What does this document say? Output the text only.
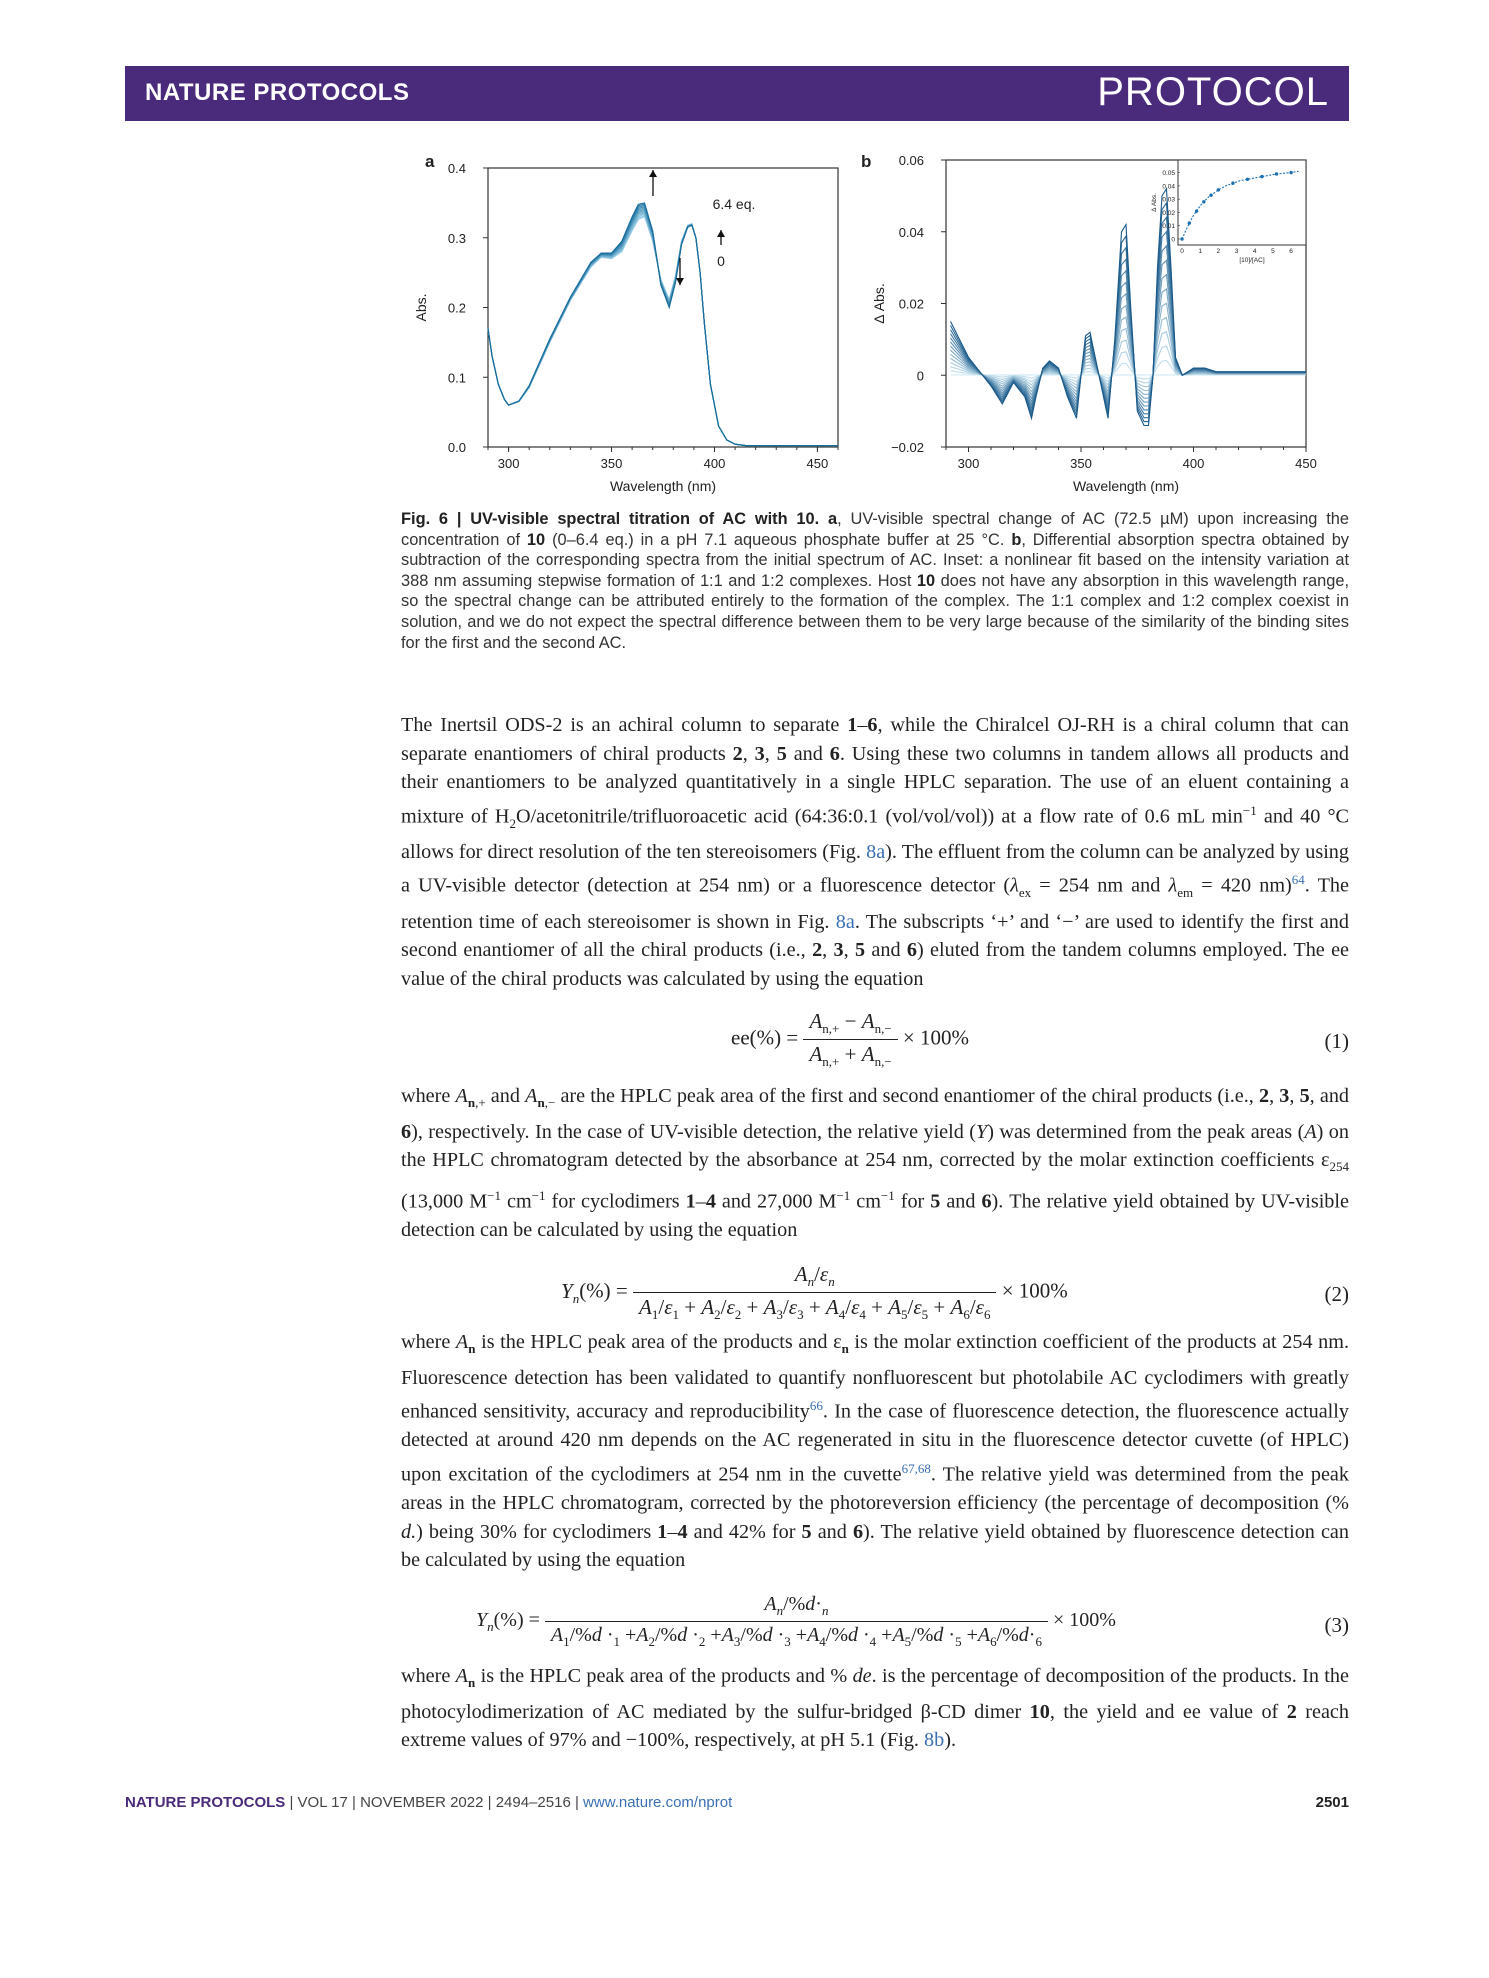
NATURE PROTOCOLS	PROTOCOL
a	b
300	350	400	450
0.0
0.1
0.2
0.3
0.4
Wavelength (nm)
Abs.
6.4 eq.
0
300	350	400	450
−0.02
0
0.02
0.04
0.06
Wavelength (nm)
Δ Abs.
0
0.01
0.02
0.03
0.04
0.05
0 1 2 3 4 5 6
[10]/[AC]
Δ Abs.
Fig. 6 | UV-visible spectral titration of AC with 10. a, UV-visible spectral change of AC (72.5 µM) upon increasing the concentration of 10 (0–6.4 eq.) in a pH 7.1 aqueous phosphate buffer at 25 °C. b, Differential absorption spectra obtained by subtraction of the corresponding spectra from the initial spectrum of AC. Inset: a nonlinear fit based on the intensity variation at 388 nm assuming stepwise formation of 1:1 and 1:2 complexes. Host 10 does not have any absorption in this wavelength range, so the spectral change can be attributed entirely to the formation of the complex. The 1:1 complex and 1:2 complex coexist in solution, and we do not expect the spectral difference between them to be very large because of the similarity of the binding sites for the first and the second AC.
The Inertsil ODS-2 is an achiral column to separate 1–6, while the Chiralcel OJ-RH is a chiral column that can separate enantiomers of chiral products 2, 3, 5 and 6. Using these two columns in tandem allows all products and their enantiomers to be analyzed quantitatively in a single HPLC separation. The use of an eluent containing a mixture of $H_2O/acetonitrile$/trifluoroacetic acid (64:36:0.1 (vol/vol/vol)) at a flow rate of 0.6 mL $\min^{-1}$ and 40 °C allows for direct resolution of the ten stereoisomers (Fig. 8a). The effluent from the column can be analyzed by using a UV-visible detector (detection at 254 nm) or a fluorescence detector ($\lambda_{ex} = 254$ nm and $\lambda_{em} = 420$ nm)$^{64}$. The retention time of each stereoisomer is shown in Fig. 8a. The subscripts ‘+’ and ‘−’ are used to identify the first and second enantiomer of all the chiral products (i.e., 2, 3, 5 and 6) eluted from the tandem columns employed. The ee value of the chiral products was calculated by using the equation
$ee(\%) = \frac{A_{n,+} - A_{n,-}}{A_{n,+} + A_{n,-}} \times 100\%$	(1)
where $A_{n,+}$ and $A_{n,-}$ are the HPLC peak area of the first and second enantiomer of the chiral products (i.e., 2, 3, 5, and 6), respectively. In the case of UV-visible detection, the relative yield (Y) was determined from the peak areas (A) on the HPLC chromatogram detected by the absorbance at 254 nm, corrected by the molar extinction coefficients $\varepsilon_{254}$ (13,000 $M^{-1}$ $cm^{-1}$ for cyclodimers 1–4 and 27,000 $M^{-1}$ $cm^{-1}$ for 5 and 6). The relative yield obtained by UV-visible detection can be calculated by using the equation
$Y_n(\%) = \frac{A_n/\varepsilon_n}{A_1/\varepsilon_1 + A_2/\varepsilon_2 + A_3/\varepsilon_3 + A_4/\varepsilon_4 + A_5/\varepsilon_5 + A_6/\varepsilon_6} \times 100\%$	(2)
where $A_n$ is the HPLC peak area of the products and $\varepsilon_n$ is the molar extinction coefficient of the products at 254 nm. Fluorescence detection has been validated to quantify nonfluorescent but photolabile AC cyclodimers with greatly enhanced sensitivity, accuracy and reproducibility$^{66}$. In the case of fluorescence detection, the fluorescence actually detected at around 420 nm depends on the AC regenerated in situ in the fluorescence detector cuvette (of HPLC) upon excitation of the cyclodimers at 254 nm in the cuvette$^{67,68}$. The relative yield was determined from the peak areas in the HPLC chromatogram, corrected by the photoreversion efficiency (the percentage of decomposition (% d.) being 30% for cyclodimers 1–4 and 42% for 5 and 6). The relative yield obtained by fluorescence detection can be calculated by using the equation
$Y_n(\%) = \frac{A_n/\%d\cdot_n}{A_1/\%d \cdot_1 +A_2/\%d \cdot_2 +A_3/\%d \cdot_3 +A_4/\%d \cdot_4 +A_5/\%d \cdot_5 +A_6/\%d\cdot_6} \times 100\%$	(3)
where $A_n$ is the HPLC peak area of the products and % de. is the percentage of decomposition of the products. In the photocylodimerization of AC mediated by the sulfur-bridged β-CD dimer 10, the yield and ee value of 2 reach extreme values of 97% and −100%, respectively, at pH 5.1 (Fig. 8b).
NATURE PROTOCOLS | VOL 17 | NOVEMBER 2022 | 2494–2516 | www.nature.com/nprot	2501
